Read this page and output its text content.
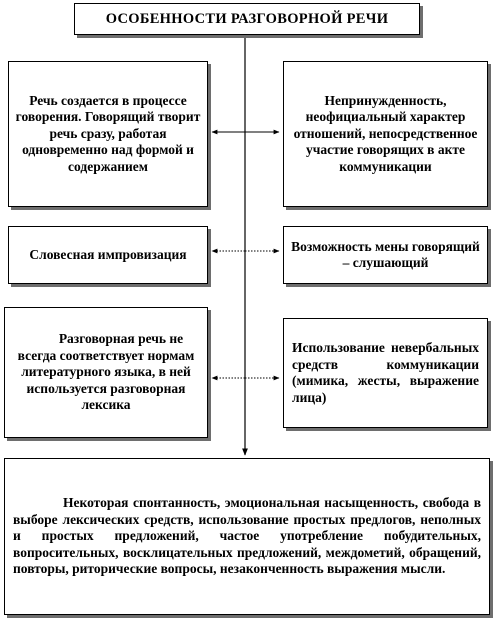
ОСОБЕННОСТИ РАЗГОВОРНОЙ РЕЧИ
Речь создается в процессе говорения. Говорящий творит речь сразу, работая одновременно над формой и содержанием
Непринужденность, неофициальный характер отношений, непосредственное участие говорящих в акте коммуникации
Словесная импровизация
Возможность мены говорящий – слушающий
Разговорная речь не всегда соответствует нормам литературного языка, в ней используется разговорная лексика
Использование невербальных средств коммуникации (мимика, жесты, выражение лица)
Некоторая спонтанность, эмоциональная насыщенность, свобода в выборе лексических средств, использование простых предлогов, неполных и простых предложений, частое употребление побудительных, вопросительных, восклицательных предложений, междометий, обращений, повторы, риторические вопросы, незаконченность выражения мысли.
